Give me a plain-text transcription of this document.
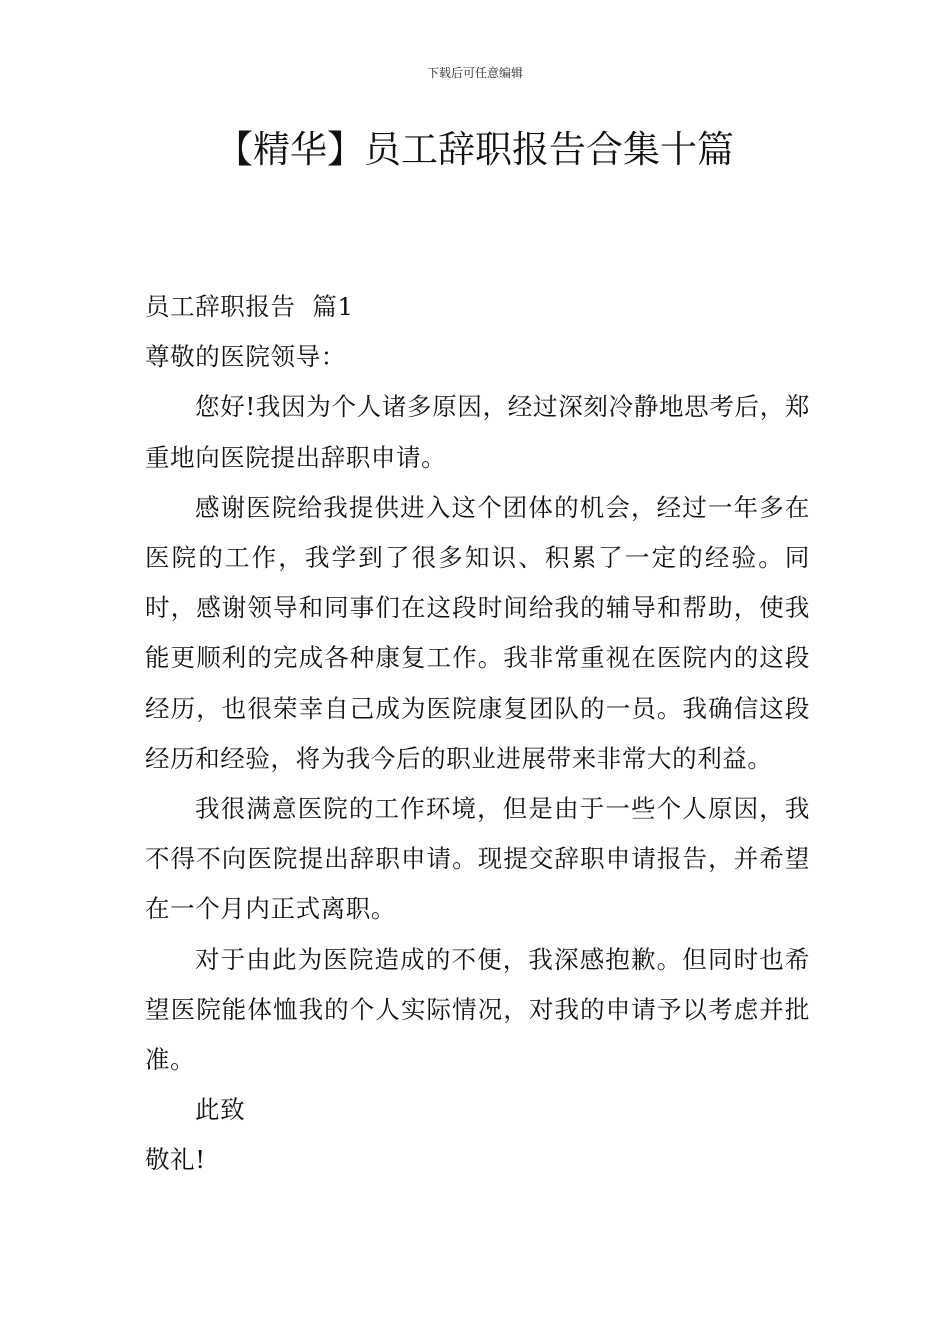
下载后可任意编辑
【精华】员工辞职报告合集十篇

员工辞职报告  篇1

尊敬的医院领导：

您好!我因为个人诸多原因，经过深刻冷静地思考后，郑重地向医院提出辞职申请。

感谢医院给我提供进入这个团体的机会，经过一年多在医院的工作，我学到了很多知识、积累了一定的经验。同时，感谢领导和同事们在这段时间给我的辅导和帮助，使我能更顺利的完成各种康复工作。我非常重视在医院内的这段经历，也很荣幸自己成为医院康复团队的一员。我确信这段经历和经验，将为我今后的职业进展带来非常大的利益。

我很满意医院的工作环境，但是由于一些个人原因，我不得不向医院提出辞职申请。现提交辞职申请报告，并希望在一个月内正式离职。

对于由此为医院造成的不便，我深感抱歉。但同时也希望医院能体恤我的个人实际情况，对我的申请予以考虑并批准。

此致

敬礼!
